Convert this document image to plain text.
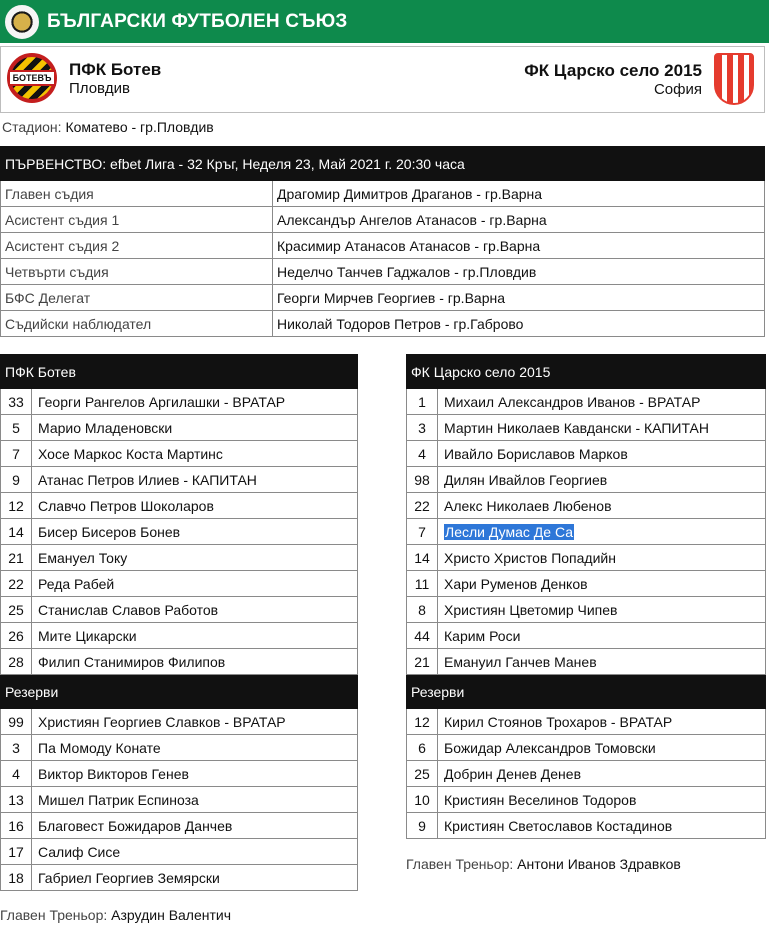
БЪЛГАРСКИ ФУТБОЛЕН СЪЮЗ
БОТЕВЪ ПФК Ботев
Пловдив
ФК Царско село 2015
София
Стадион: Коматево - гр.Пловдив
ПЪРВЕНСТВО: efbet Лига - 32 Кръг, Неделя 23, Май 2021 г. 20:30 часа	
Главен съдия	Драгомир Димитров Драганов - гр.Варна
Асистент съдия 1	Александър Ангелов Атанасов - гр.Варна
Асистент съдия 2	Красимир Атанасов Атанасов - гр.Варна
Четвърти съдия	Неделчо Танчев Гаджалов - гр.Пловдив
БФС Делегат	Георги Мирчев Георгиев - гр.Варна
Съдийски наблюдател	Николай Тодоров Петров - гр.Габрово
ПФК Ботев	
33	Георги Рангелов Аргилашки - ВРАТАР
5	Марио Младеновски
7	Хосе Маркос Коста Мартинс
9	Атанас Петров Илиев - КАПИТАН
12	Славчо Петров Шоколаров
14	Бисер Бисеров Бонев
21	Емануел Току
22	Реда Рабей
25	Станислав Славов Работов
26	Мите Цикарски
28	Филип Станимиров Филипов
Резерви	
99	Християн Георгиев Славков - ВРАТАР
3	Па Момоду Конате
4	Виктор Викторов Генев
13	Мишел Патрик Еспиноза
16	Благовест Божидаров Данчев
17	Салиф Сисе
18	Габриел Георгиев Земярски
ФК Царско село 2015	
1	Михаил Александров Иванов - ВРАТАР
3	Мартин Николаев Кавдански - КАПИТАН
4	Ивайло Бориславов Марков
98	Дилян Ивайлов Георгиев
22	Алекс Николаев Любенов
7	Лесли Думас Де Са
14	Христо Христов Попадийн
11	Хари Руменов Денков
8	Християн Цветомир Чипев
44	Карим Роси
21	Емануил Ганчев Манев
Резерви	
12	Кирил Стоянов Трохаров - ВРАТАР
6	Божидар Александров Томовски
25	Добрин Денев Денев
10	Кристиян Веселинов Тодоров
9	Кристиян Светославов Костадинов
Главен Треньор: Антони Иванов Здравков
Главен Треньор: Азрудин Валентич
